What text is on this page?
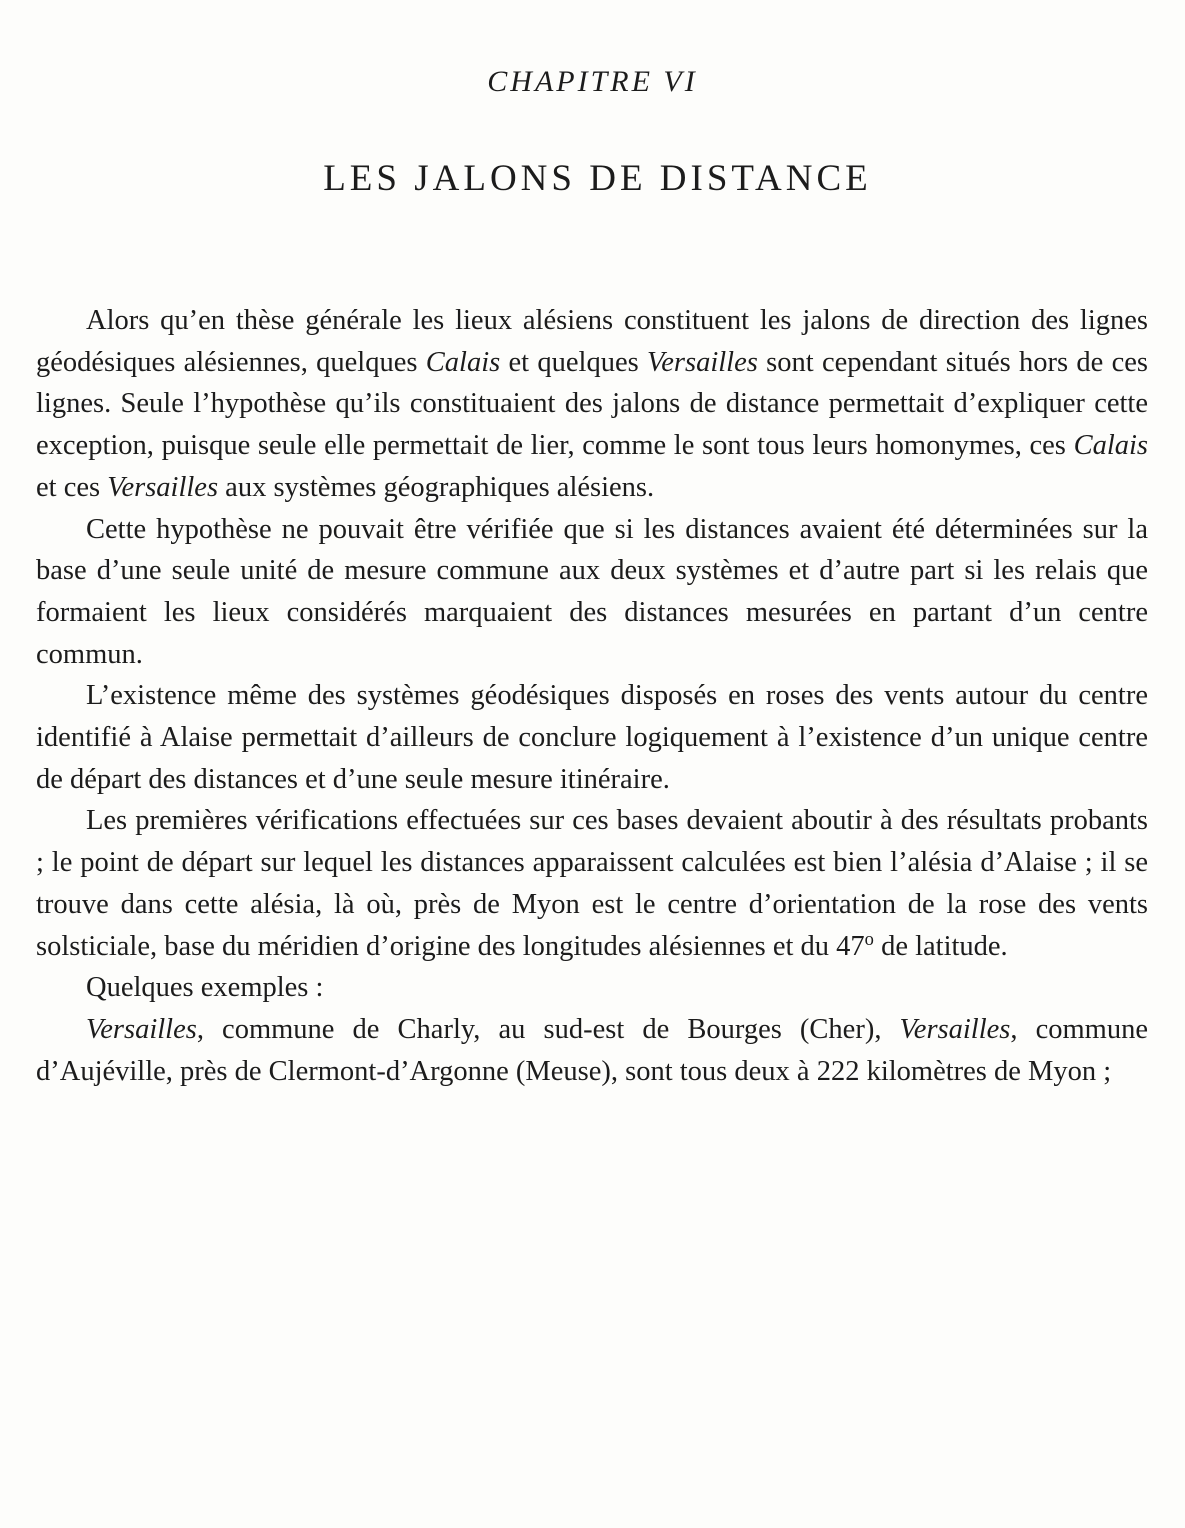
CHAPITRE VI
LES JALONS DE DISTANCE

Alors qu’en thèse générale les lieux alésiens constituent les jalons de direction des lignes géodésiques alésiennes, quelques Calais et quelques Versailles sont cependant situés hors de ces lignes. Seule l’hypothèse qu’ils constituaient des jalons de distance permettait d’expliquer cette exception, puisque seule elle permettait de lier, comme le sont tous leurs homonymes, ces Calais et ces Versailles aux systèmes géographiques alésiens.

Cette hypothèse ne pouvait être vérifiée que si les distances avaient été déterminées sur la base d’une seule unité de mesure commune aux deux systèmes et d’autre part si les relais que formaient les lieux considérés marquaient des distances mesurées en partant d’un centre commun.

L’existence même des systèmes géodésiques disposés en roses des vents autour du centre identifié à Alaise permettait d’ailleurs de conclure logiquement à l’existence d’un unique centre de départ des distances et d’une seule mesure itinéraire.

Les premières vérifications effectuées sur ces bases devaient aboutir à des résultats probants ; le point de départ sur lequel les distances apparaissent calculées est bien l’alésia d’Alaise ; il se trouve dans cette alésia, là où, près de Myon est le centre d’orientation de la rose des vents solsticiale, base du méridien d’origine des longitudes alésiennes et du 47$^o$ de latitude.

Quelques exemples :

Versailles, commune de Charly, au sud-est de Bourges (Cher), Versailles, commune d’Aujéville, près de Clermont-d’Argonne (Meuse), sont tous deux à 222 kilomètres de Myon ;
